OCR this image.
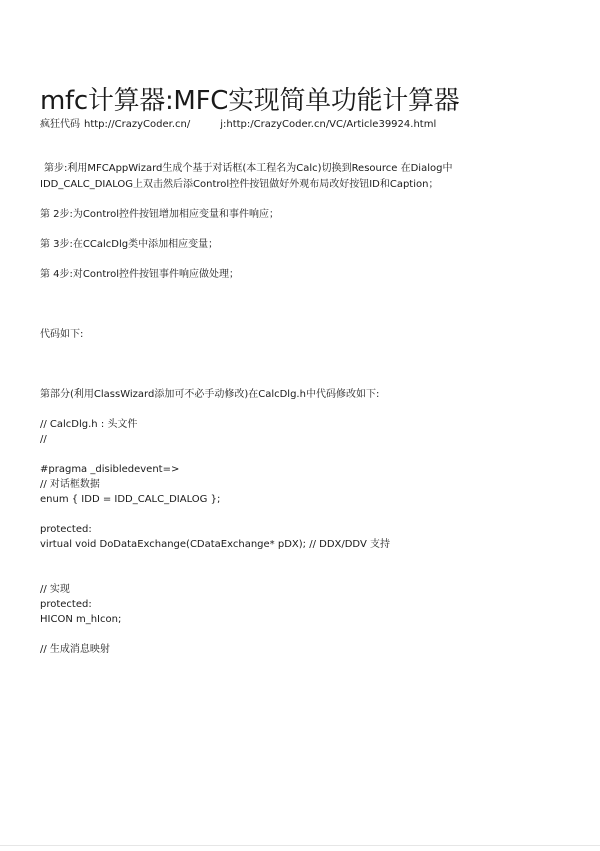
mfc计算器:MFC实现简单功能计算器
疯狂代码 http://CrazyCoder.cn/	j:http:/CrazyCoder.cn/VC/Article39924.html
第步:利用MFCAppWizard生成个基于对话框(本工程名为Calc)切换到Resource 在Dialog中
IDD_CALC_DIALOG上双击然后添Control控件按钮做好外观布局改好按钮ID和Caption；
第 2步:为Control控件按钮增加相应变量和事件响应；
第 3步:在CCalcDlg类中添加相应变量；
第 4步:对Control控件按钮事件响应做处理；
代码如下:
第部分(利用ClassWizard添加可不必手动修改)在CalcDlg.h中代码修改如下:
// CalcDlg.h : 头文件
//
#pragma _disibledevent=>
// 对话框数据
enum { IDD = IDD_CALC_DIALOG };
protected:
virtual void DoDataExchange(CDataExchange* pDX); // DDX/DDV 支持
// 实现
protected:
HICON m_hIcon;
// 生成消息映射
